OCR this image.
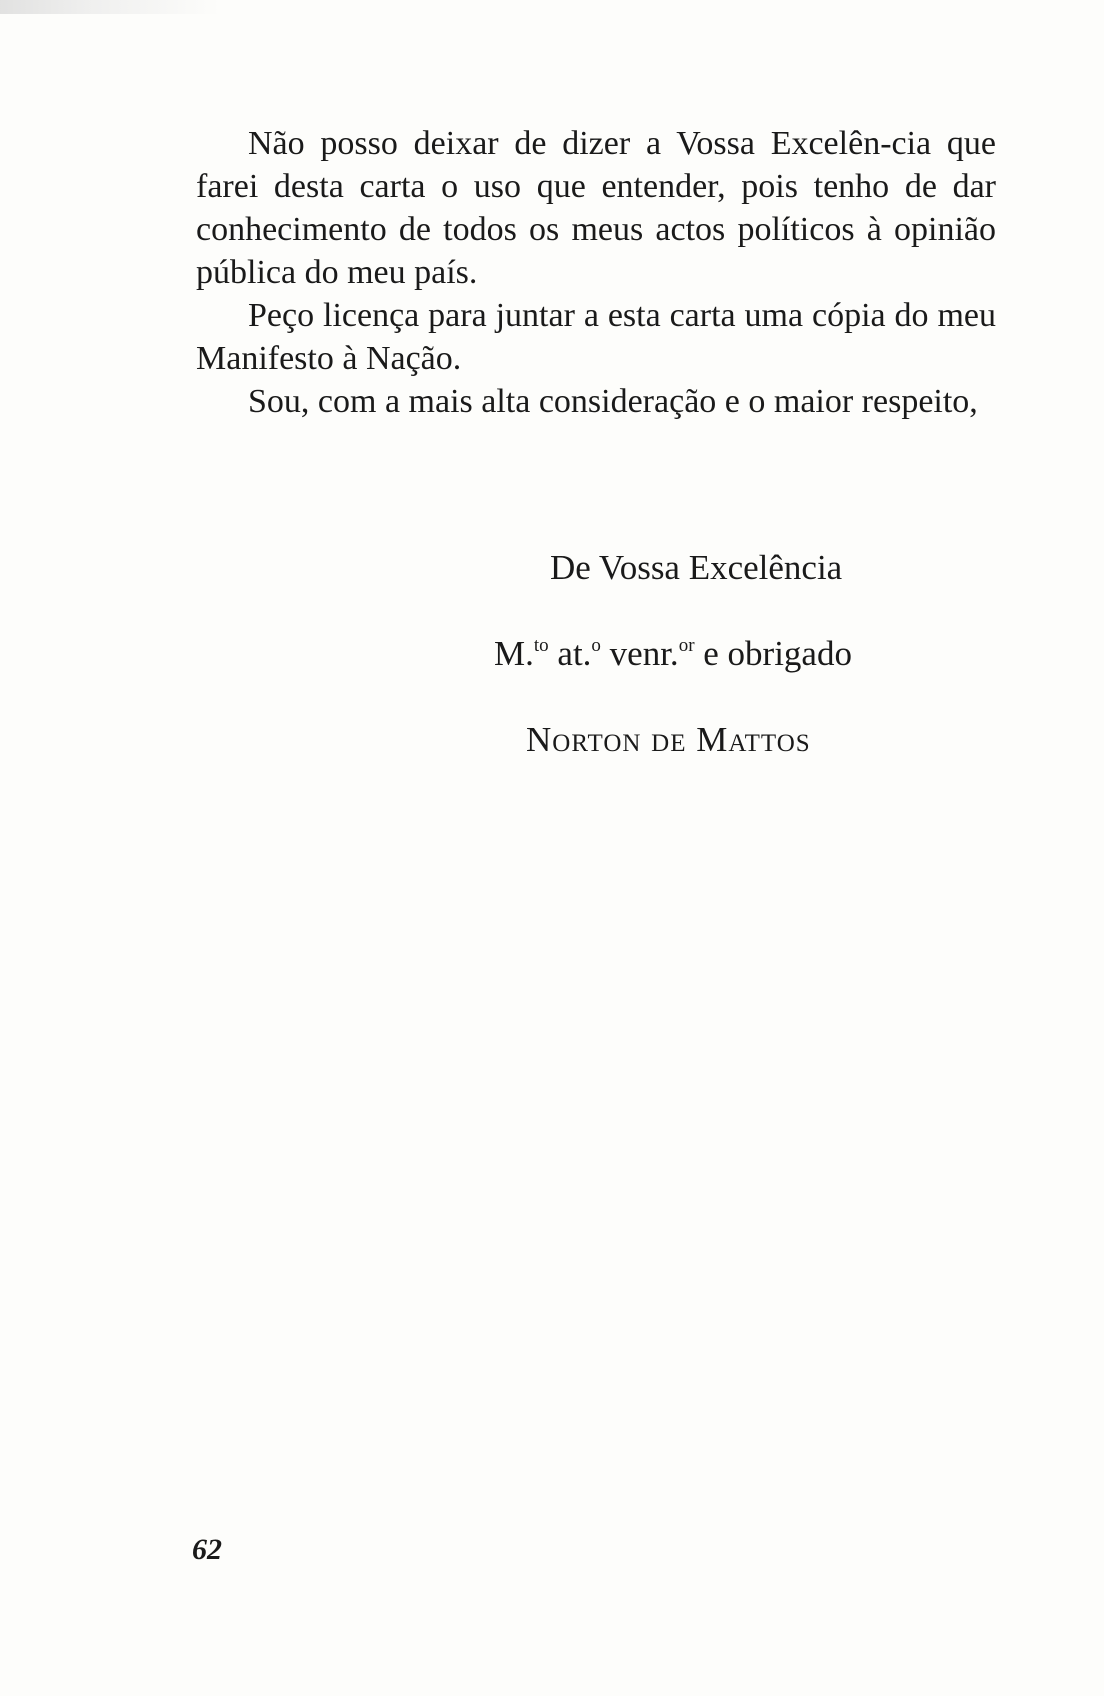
Não posso deixar de dizer a Vossa Excelên-cia que farei desta carta o uso que entender, pois tenho de dar conhecimento de todos os meus actos políticos à opinião pública do meu país.

Peço licença para juntar a esta carta uma cópia do meu Manifesto à Nação.

Sou, com a mais alta consideração e o maior respeito,

De Vossa Excelência
M.$^{to}$ at.$^o$ venr.$^{or}$ e obrigado
Norton de Mattos
62
